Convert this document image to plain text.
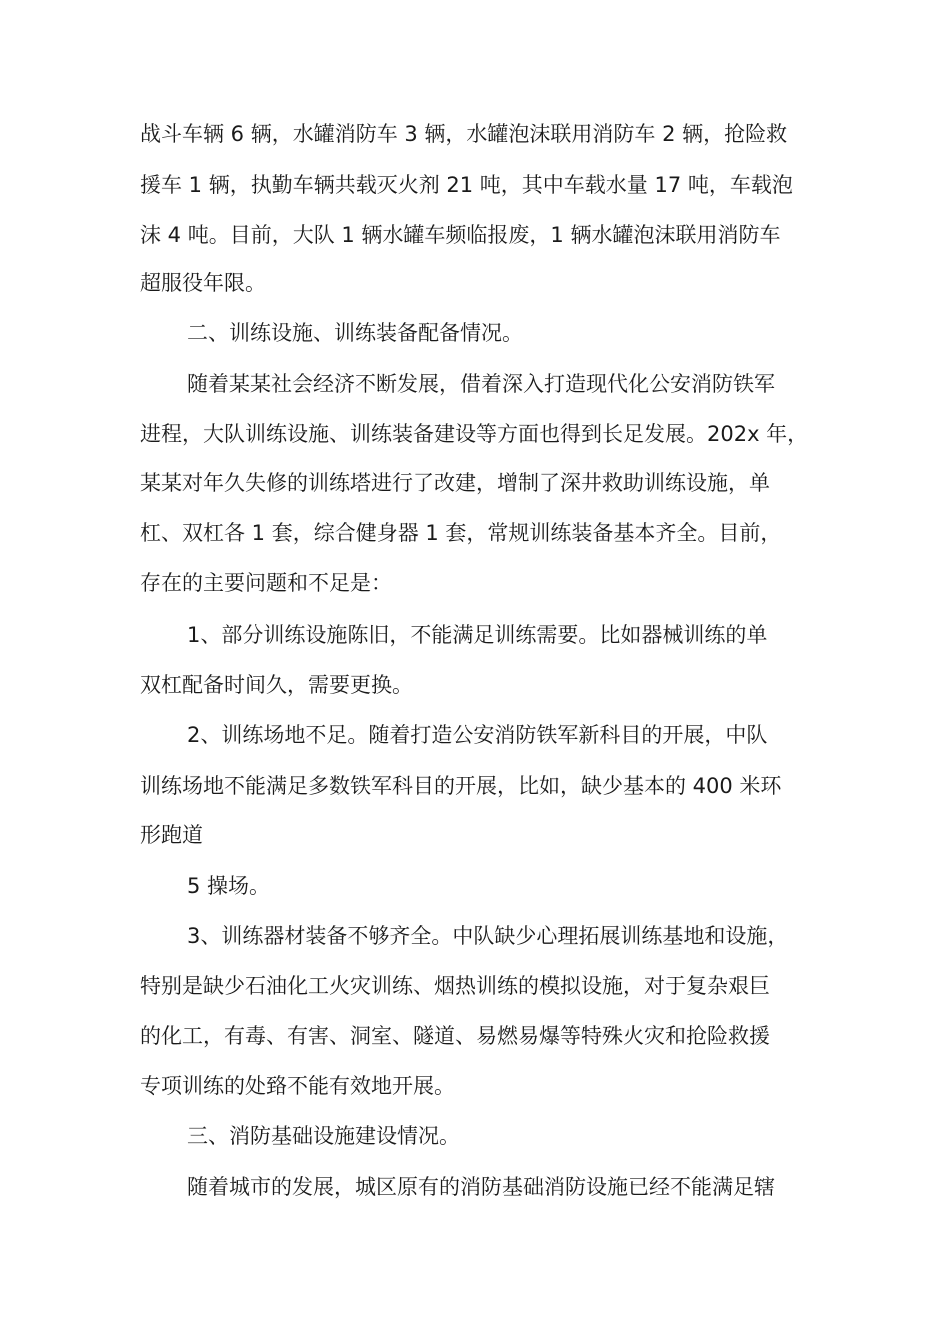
战斗车辆 6 辆，水罐消防车 3 辆，水罐泡沫联用消防车 2 辆，抢险救

援车 1 辆，执勤车辆共载灭火剂 21 吨，其中车载水量 17 吨，车载泡

沫 4 吨。目前，大队 1 辆水罐车频临报废，1 辆水罐泡沫联用消防车

超服役年限。

二、训练设施、训练装备配备情况。

随着某某社会经济不断发展，借着深入打造现代化公安消防铁军

进程，大队训练设施、训练装备建设等方面也得到长足发展。202x 年，

某某对年久失修的训练塔进行了改建，增制了深井救助训练设施，单

杠、双杠各 1 套，综合健身器 1 套，常规训练装备基本齐全。目前，

存在的主要问题和不足是：

1、部分训练设施陈旧，不能满足训练需要。比如器械训练的单

双杠配备时间久，需要更换。

2、训练场地不足。随着打造公安消防铁军新科目的开展，中队

训练场地不能满足多数铁军科目的开展，比如，缺少基本的 400 米环

形跑道

5 操场。

3、训练器材装备不够齐全。中队缺少心理拓展训练基地和设施，

特别是缺少石油化工火灾训练、烟热训练的模拟设施，对于复杂艰巨

的化工，有毒、有害、洞室、隧道、易燃易爆等特殊火灾和抢险救援

专项训练的处臵不能有效地开展。

三、消防基础设施建设情况。

随着城市的发展，城区原有的消防基础消防设施已经不能满足辖
